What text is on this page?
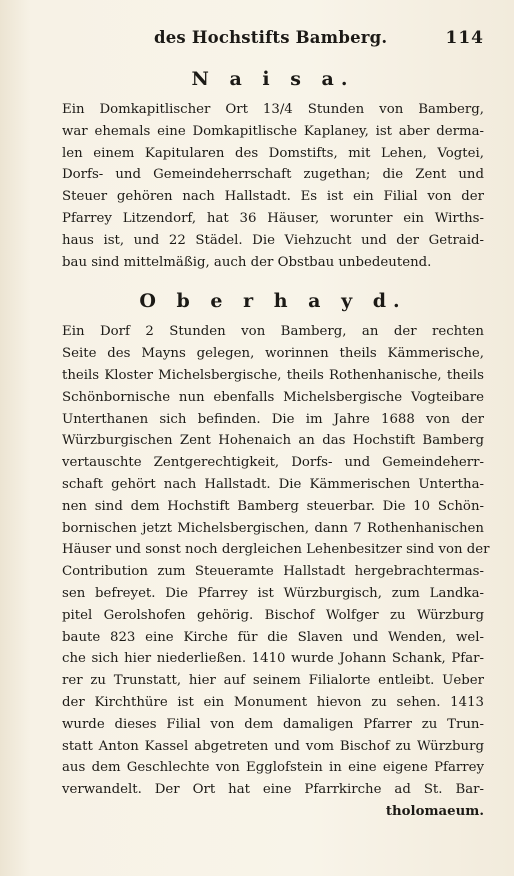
des Hochstifts Bamberg.	114
N a i s a.
Ein Domkapitlischer Ort 13/4 Stunden von Bamberg,
war ehemals eine Domkapitlische Kaplaney, ist aber derma-
len einem Kapitularen des Domstifts, mit Lehen, Vogtei,
Dorfs- und Gemeindeherrschaft zugethan; die Zent und
Steuer gehören nach Hallstadt. Es ist ein Filial von der
Pfarrey Litzendorf, hat 36 Häuser, worunter ein Wirths-
haus ist, und 22 Städel. Die Viehzucht und der Getraid-
bau sind mittelmäßig, auch der Obstbau unbedeutend.
O b e r h a y d.
Ein Dorf 2 Stunden von Bamberg, an der rechten
Seite des Mayns gelegen, worinnen theils Kämmerische,
theils Kloster Michelsbergische, theils Rothenhanische, theils
Schönbornische nun ebenfalls Michelsbergische Vogteibare
Unterthanen sich befinden. Die im Jahre 1688 von der
Würzburgischen Zent Hohenaich an das Hochstift Bamberg
vertauschte Zentgerechtigkeit, Dorfs- und Gemeindeherr-
schaft gehört nach Hallstadt. Die Kämmerischen Untertha-
nen sind dem Hochstift Bamberg steuerbar. Die 10 Schön-
bornischen jetzt Michelsbergischen, dann 7 Rothenhanischen
Häuser und sonst noch dergleichen Lehenbesitzer sind von der
Contribution zum Steueramte Hallstadt hergebrachtermas-
sen befreyet. Die Pfarrey ist Würzburgisch, zum Landka-
pitel Gerolshofen gehörig. Bischof Wolfger zu Würzburg
baute 823 eine Kirche für die Slaven und Wenden, wel-
che sich hier niederließen. 1410 wurde Johann Schank, Pfar-
rer zu Trunstatt, hier auf seinem Filialorte entleibt. Ueber
der Kirchthüre ist ein Monument hievon zu sehen. 1413
wurde dieses Filial von dem damaligen Pfarrer zu Trun-
statt Anton Kassel abgetreten und vom Bischof zu Würzburg
aus dem Geschlechte von Egglofstein in eine eigene Pfarrey
verwandelt. Der Ort hat eine Pfarrkirche ad St. Bar-
tholomaeum.
